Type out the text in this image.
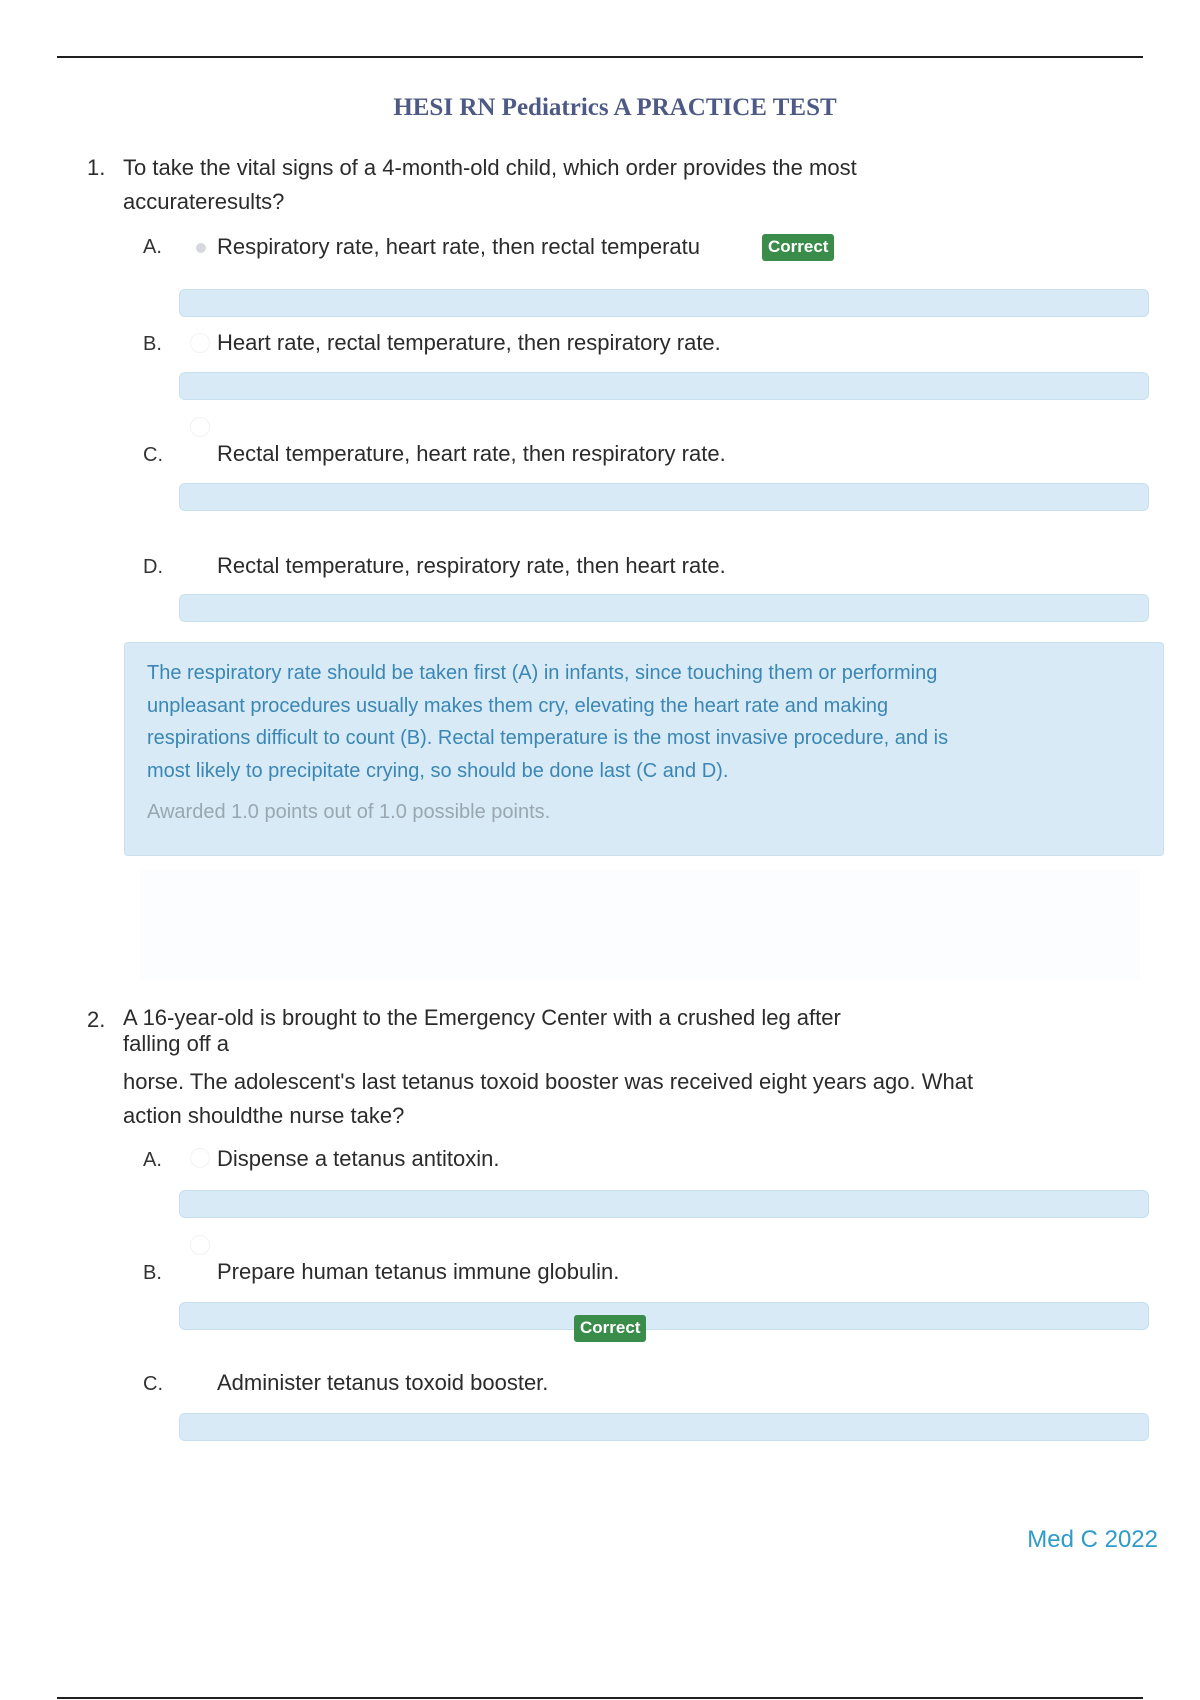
HESI RN Pediatrics A PRACTICE TEST
1. To take the vital signs of a 4-month-old child, which order provides the most
accurateresults?
A.	Respiratory rate, heart rate, then rectal temperatu	Correct
B.	Heart rate, rectal temperature, then respiratory rate.
C. Rectal temperature, heart rate, then respiratory rate.
D. Rectal temperature, respiratory rate, then heart rate.
The respiratory rate should be taken first (A) in infants, since touching them or performing
unpleasant procedures usually makes them cry, elevating the heart rate and making
respirations difficult to count (B). Rectal temperature is the most invasive procedure, and is
most likely to precipitate crying, so should be done last (C and D).
Awarded 1.0 points out of 1.0 possible points.
2. A 16-year-old is brought to the Emergency Center with a crushed leg after
falling off a
horse. The adolescent's last tetanus toxoid booster was received eight years ago. What
action shouldthe nurse take?
A.	Dispense a tetanus antitoxin.
B.	Prepare human tetanus immune globulin.
Correct
C. Administer tetanus toxoid booster.
Med C 2022
